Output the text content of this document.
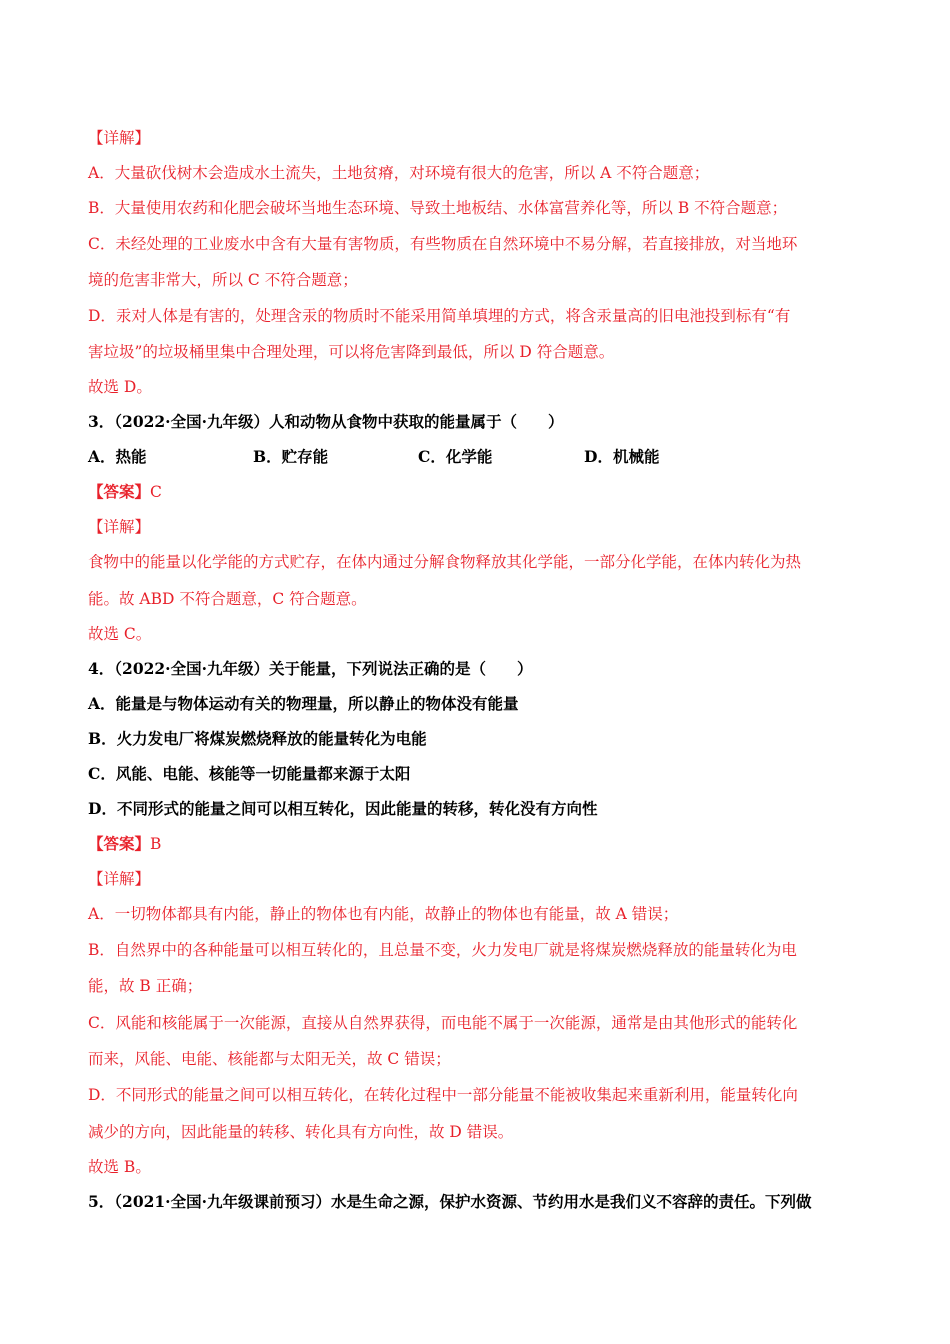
【详解】
A．大量砍伐树木会造成水土流失，土地贫瘠，对环境有很大的危害，所以 A 不符合题意；
B．大量使用农药和化肥会破坏当地生态环境、导致土地板结、水体富营养化等，所以 B 不符合题意；
C．未经处理的工业废水中含有大量有害物质，有些物质在自然环境中不易分解，若直接排放，对当地环
境的危害非常大，所以 C 不符合题意；
D．汞对人体是有害的，处理含汞的物质时不能采用简单填埋的方式，将含汞量高的旧电池投到标有“有
害垃圾”的垃圾桶里集中合理处理，可以将危害降到最低，所以 D 符合题意。
故选 D。
3．（2022·全国·九年级）人和动物从食物中获取的能量属于（　　）
A．热能	B．贮存能	C．化学能	D．机械能
【答案】C
【详解】
食物中的能量以化学能的方式贮存，在体内通过分解食物释放其化学能，一部分化学能，在体内转化为热
能。故 ABD 不符合题意，C 符合题意。
故选 C。
4．（2022·全国·九年级）关于能量，下列说法正确的是（　　）
A．能量是与物体运动有关的物理量，所以静止的物体没有能量
B．火力发电厂将煤炭燃烧释放的能量转化为电能
C．风能、电能、核能等一切能量都来源于太阳
D．不同形式的能量之间可以相互转化，因此能量的转移，转化没有方向性
【答案】B
【详解】
A．一切物体都具有内能，静止的物体也有内能，故静止的物体也有能量，故 A 错误；
B．自然界中的各种能量可以相互转化的，且总量不变，火力发电厂就是将煤炭燃烧释放的能量转化为电
能，故 B 正确；
C．风能和核能属于一次能源，直接从自然界获得，而电能不属于一次能源，通常是由其他形式的能转化
而来，风能、电能、核能都与太阳无关，故 C 错误；
D．不同形式的能量之间可以相互转化，在转化过程中一部分能量不能被收集起来重新利用，能量转化向
减少的方向，因此能量的转移、转化具有方向性，故 D 错误。
故选 B。
5．（2021·全国·九年级课前预习）水是生命之源，保护水资源、节约用水是我们义不容辞的责任。下列做
